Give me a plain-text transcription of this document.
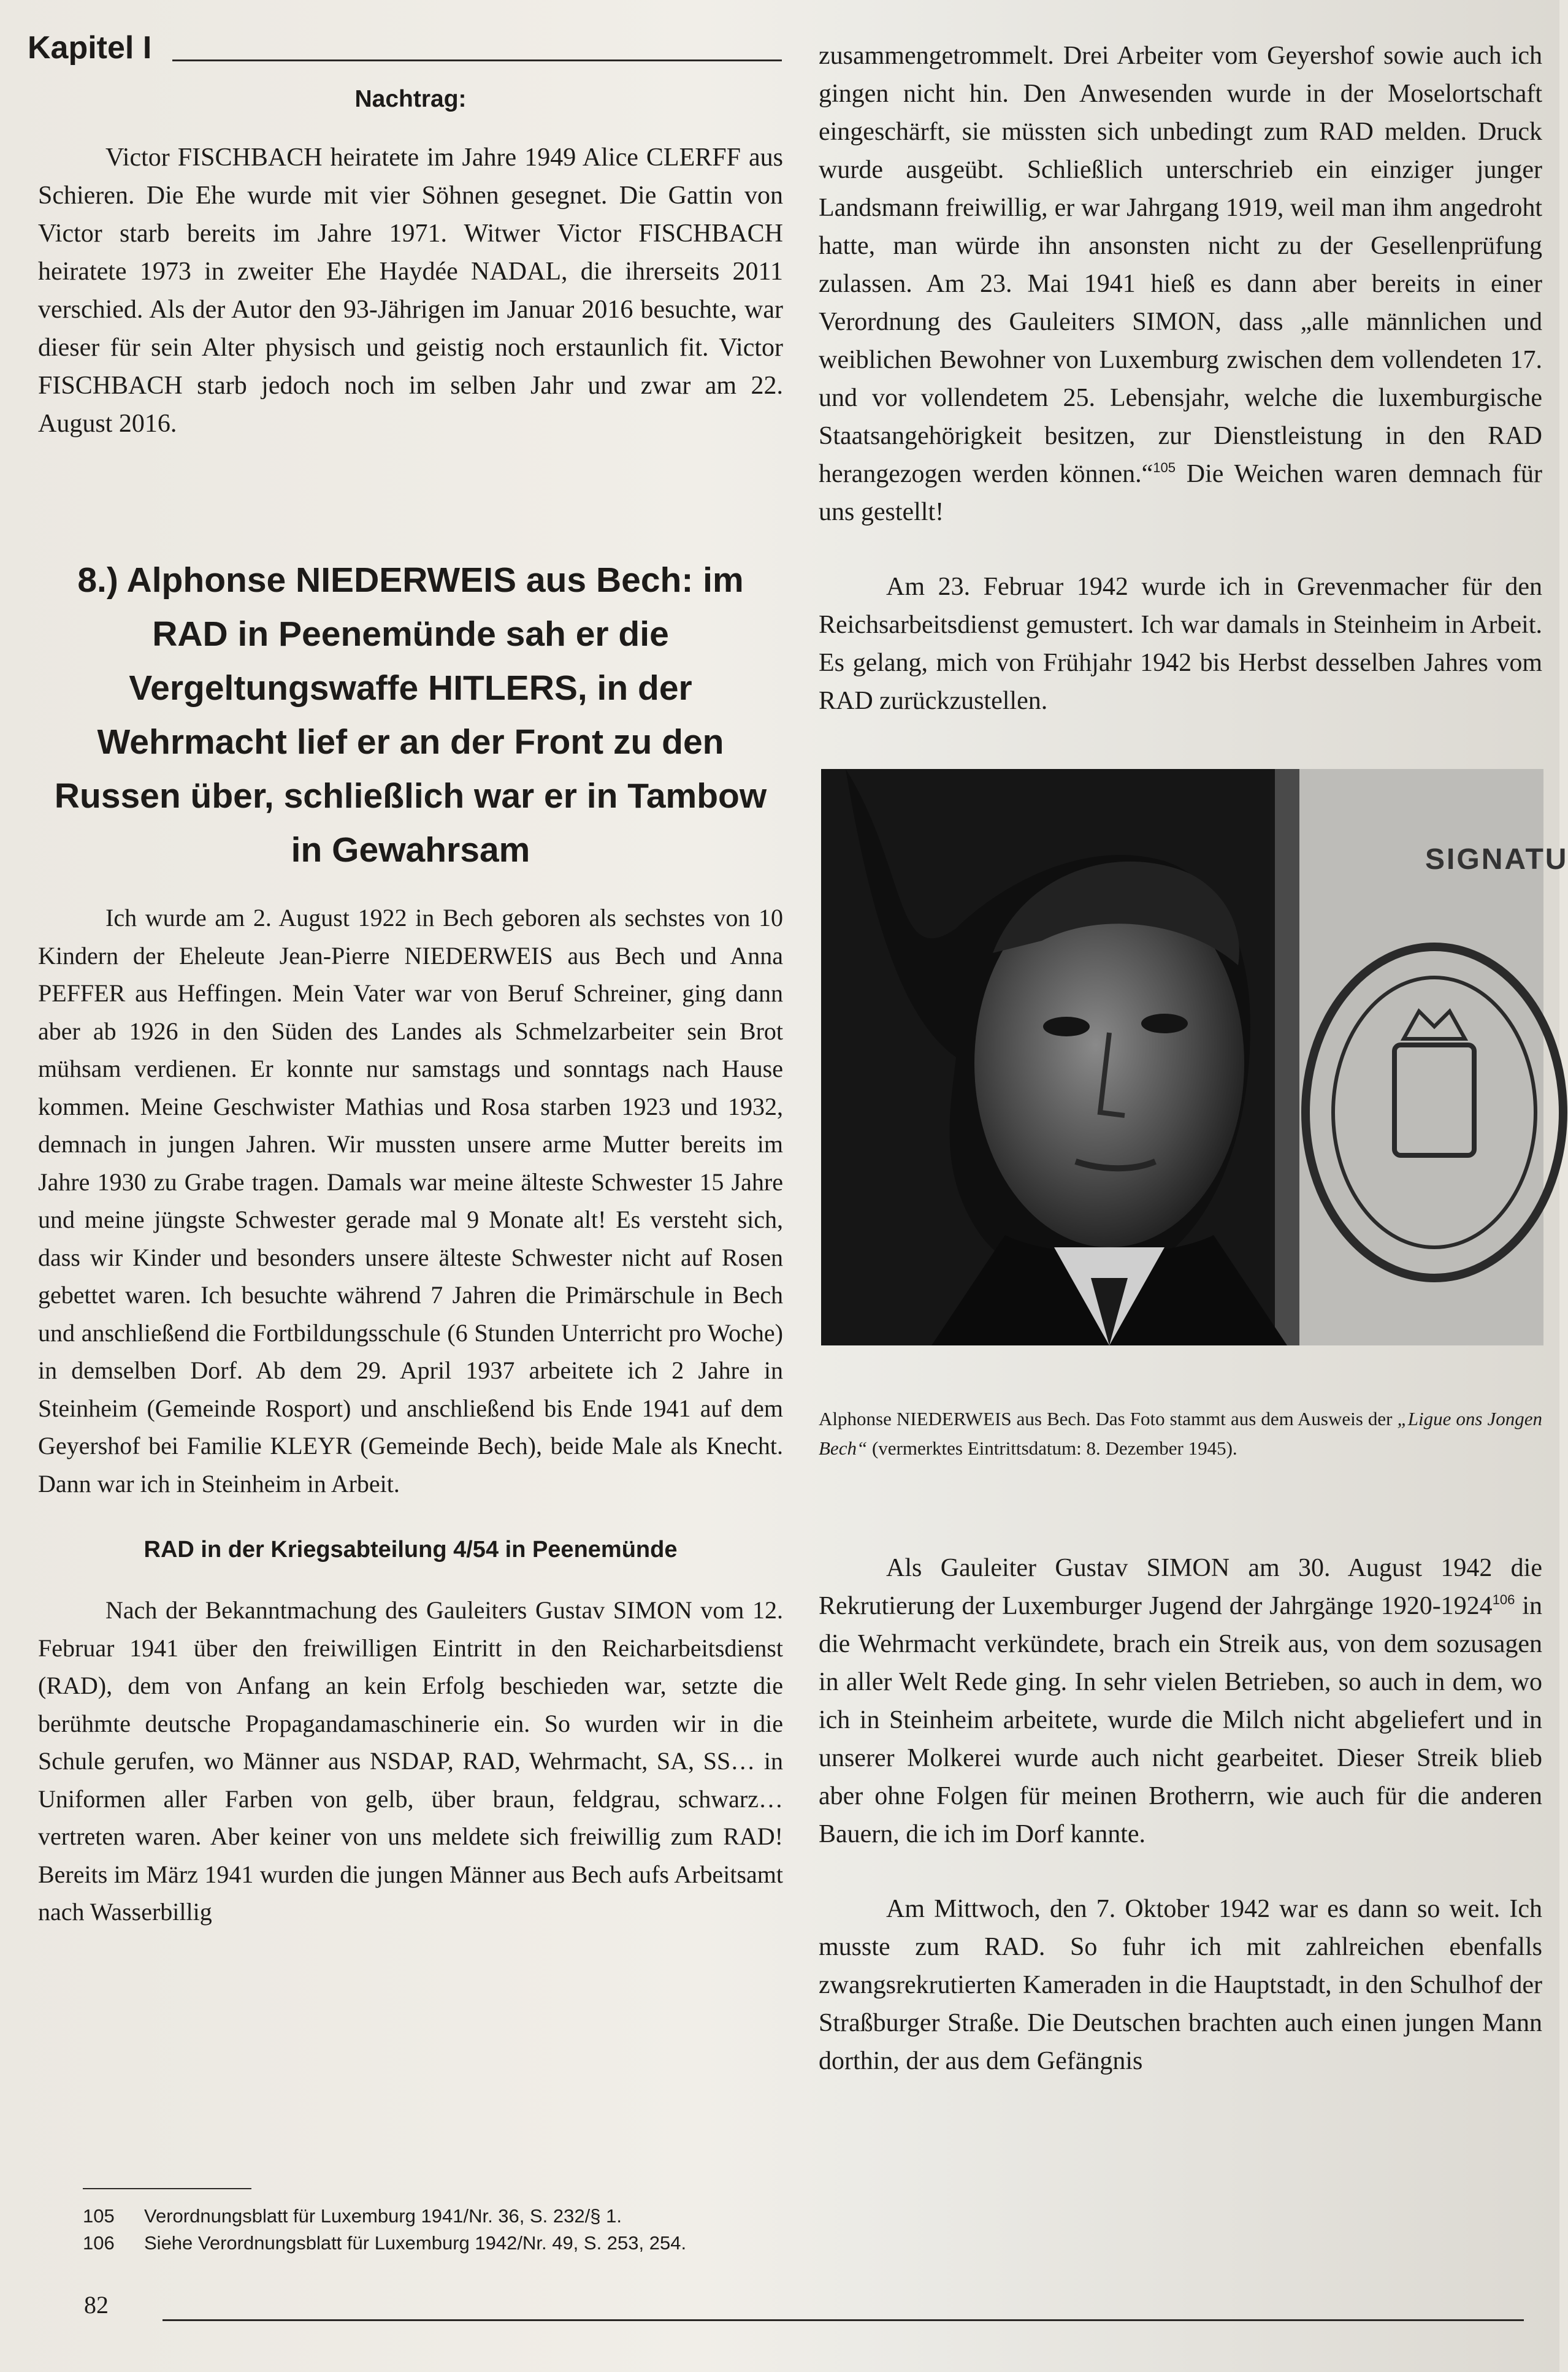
Kapitel I
Nachtrag:

Victor FISCHBACH heiratete im Jahre 1949 Alice CLERFF aus Schieren. Die Ehe wurde mit vier Söhnen gesegnet. Die Gattin von Victor starb bereits im Jahre 1971. Witwer Victor FISCHBACH heiratete 1973 in zweiter Ehe Haydée NADAL, die ihrerseits 2011 verschied. Als der Autor den 93-Jährigen im Januar 2016 besuchte, war dieser für sein Alter physisch und geistig noch erstaunlich fit. Victor FISCHBACH starb jedoch noch im selben Jahr und zwar am 22. August 2016.

8.) Alphonse NIEDERWEIS aus Bech: im RAD in Peenemünde sah er die Vergeltungswaffe HITLERS, in der Wehrmacht lief er an der Front zu den Russen über, schließlich war er in Tambow in Gewahrsam

Ich wurde am 2. August 1922 in Bech geboren als sechstes von 10 Kindern der Eheleute Jean-Pierre NIEDERWEIS aus Bech und Anna PEFFER aus Heffingen. Mein Vater war von Beruf Schreiner, ging dann aber ab 1926 in den Süden des Landes als Schmelzarbeiter sein Brot mühsam verdienen. Er konnte nur samstags und sonntags nach Hause kommen. Meine Geschwister Mathias und Rosa starben 1923 und 1932, demnach in jungen Jahren. Wir mussten unsere arme Mutter bereits im Jahre 1930 zu Grabe tragen. Damals war meine älteste Schwester 15 Jahre und meine jüngste Schwester gerade mal 9 Monate alt! Es versteht sich, dass wir Kinder und besonders unsere älteste Schwester nicht auf Rosen gebettet waren. Ich besuchte während 7 Jahren die Primärschule in Bech und anschließend die Fortbildungsschule (6 Stunden Unterricht pro Woche) in demselben Dorf. Ab dem 29. April 1937 arbeitete ich 2 Jahre in Steinheim (Gemeinde Rosport) und anschließend bis Ende 1941 auf dem Geyershof bei Familie KLEYR (Gemeinde Bech), beide Male als Knecht. Dann war ich in Steinheim in Arbeit.

RAD in der Kriegsabteilung 4/54 in Peenemünde

Nach der Bekanntmachung des Gauleiters Gustav SIMON vom 12. Februar 1941 über den freiwilligen Eintritt in den Reicharbeitsdienst (RAD), dem von Anfang an kein Erfolg beschieden war, setzte die berühmte deutsche Propagandamaschinerie ein. So wurden wir in die Schule gerufen, wo Männer aus NSDAP, RAD, Wehrmacht, SA, SS… in Uniformen aller Farben von gelb, über braun, feldgrau, schwarz… vertreten waren. Aber keiner von uns meldete sich freiwillig zum RAD! Bereits im März 1941 wurden die jungen Männer aus Bech aufs Arbeitsamt nach Wasserbillig

zusammengetrommelt. Drei Arbeiter vom Geyershof sowie auch ich gingen nicht hin. Den Anwesenden wurde in der Moselortschaft eingeschärft, sie müssten sich unbedingt zum RAD melden. Druck wurde ausgeübt. Schließlich unterschrieb ein einziger junger Landsmann freiwillig, er war Jahrgang 1919, weil man ihm angedroht hatte, man würde ihn ansonsten nicht zu der Gesellenprüfung zulassen. Am 23. Mai 1941 hieß es dann aber bereits in einer Verordnung des Gauleiters SIMON, dass „alle männlichen und weiblichen Bewohner von Luxemburg zwischen dem vollendeten 17. und vor vollendetem 25. Lebensjahr, welche die luxemburgische Staatsangehörigkeit besitzen, zur Dienstleistung in den RAD herangezogen werden können.“$^{105}$ Die Weichen waren demnach für uns gestellt!

Am 23. Februar 1942 wurde ich in Grevenmacher für den Reichsarbeitsdienst gemustert. Ich war damals in Steinheim in Arbeit. Es gelang, mich von Frühjahr 1942 bis Herbst desselben Jahres vom RAD zurückzustellen.

SIGNATU
Alphonse NIEDERWEIS aus Bech. Das Foto stammt aus dem Ausweis der „Ligue ons Jongen Bech“ (vermerktes Eintrittsdatum: 8. Dezember 1945).

Als Gauleiter Gustav SIMON am 30. August 1942 die Rekrutierung der Luxemburger Jugend der Jahrgänge 1920-1924$^{106}$ in die Wehrmacht verkündete, brach ein Streik aus, von dem sozusagen in aller Welt Rede ging. In sehr vielen Betrieben, so auch in dem, wo ich in Steinheim arbeitete, wurde die Milch nicht abgeliefert und in unserer Molkerei wurde auch nicht gearbeitet. Dieser Streik blieb aber ohne Folgen für meinen Brotherrn, wie auch für die anderen Bauern, die ich im Dorf kannte.

Am Mittwoch, den 7. Oktober 1942 war es dann so weit. Ich musste zum RAD. So fuhr ich mit zahlreichen ebenfalls zwangsrekrutierten Kameraden in die Hauptstadt, in den Schulhof der Straßburger Straße. Die Deutschen brachten auch einen jungen Mann dorthin, der aus dem Gefängnis

105	Verordnungsblatt für Luxemburg 1941/Nr. 36, S. 232/§ 1.
106	Siehe Verordnungsblatt für Luxemburg 1942/Nr. 49, S. 253, 254.
82
